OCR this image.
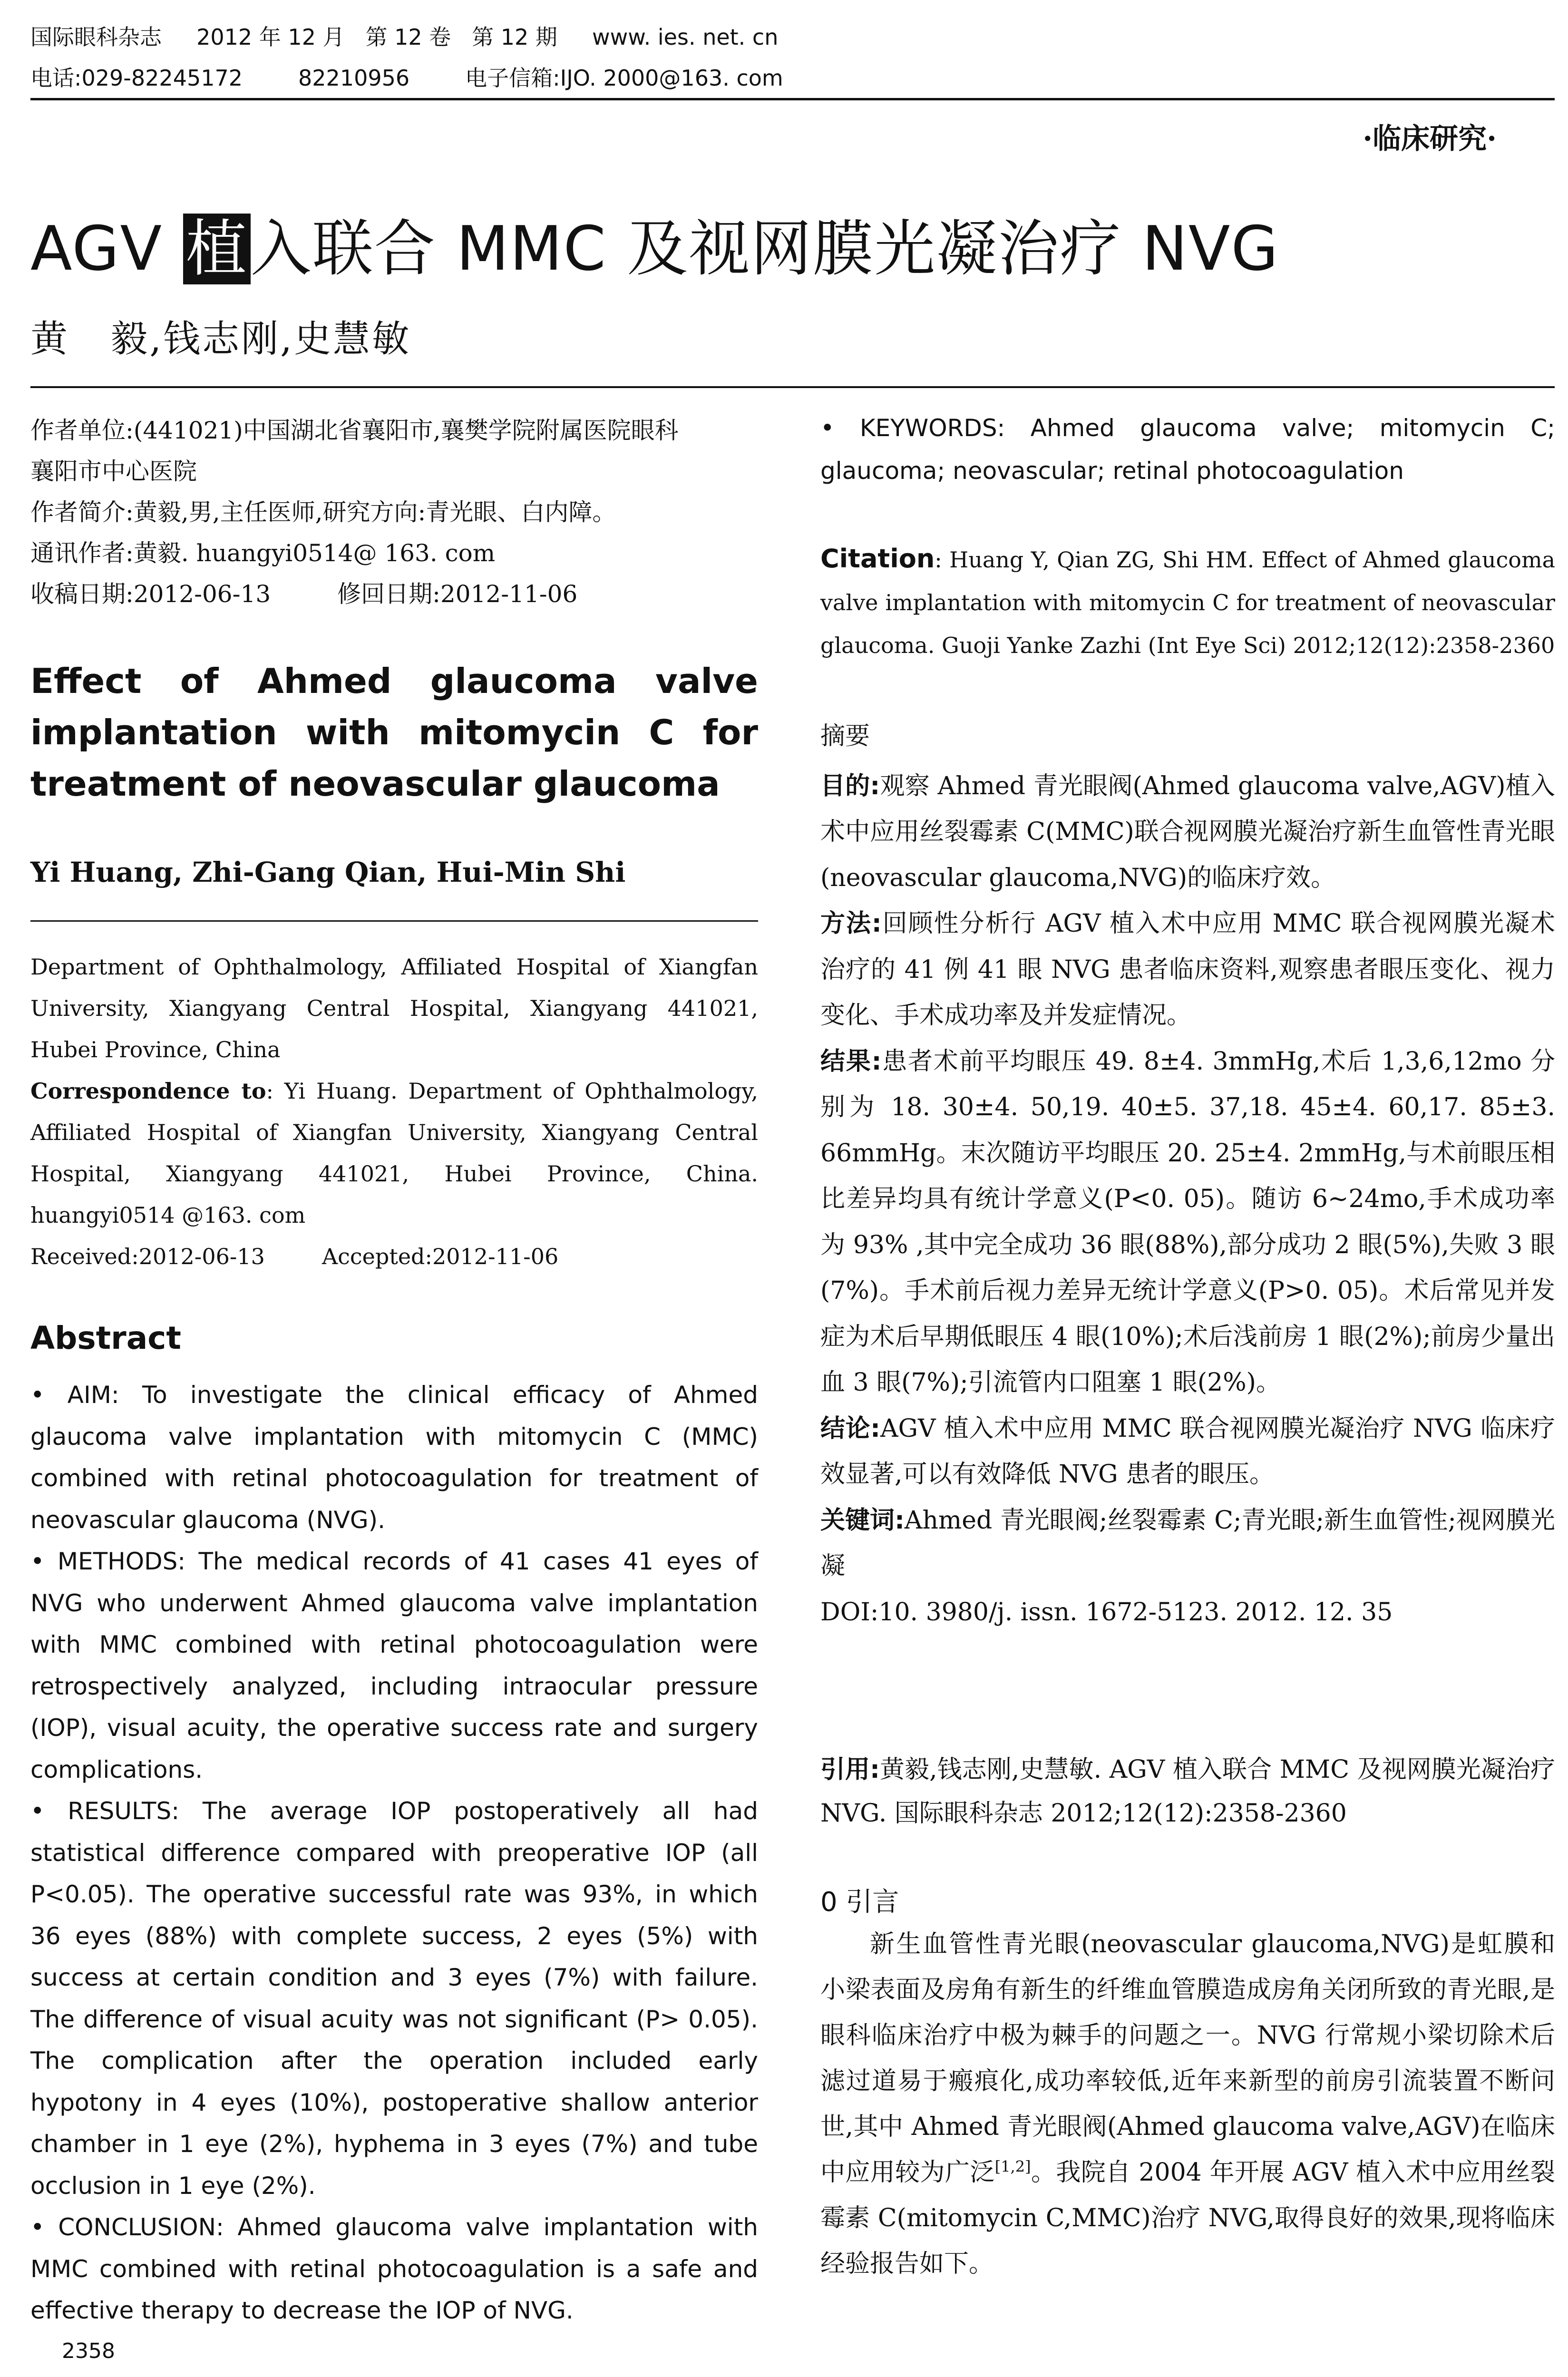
国际眼科杂志 2012 年 12 月   第 12 卷   第 12 期 www. ies. net. cn
电话:029-82245172	82210956	电子信箱:IJO. 2000@163. com
·临床研究·
AGV 植入联合 MMC 及视网膜光凝治疗 NVG
黄   毅,钱志刚,史慧敏
作者单位:(441021)中国湖北省襄阳市,襄樊学院附属医院眼科
襄阳市中心医院
作者简介:黄毅,男,主任医师,研究方向:青光眼、白内障。
通讯作者:黄毅. huangyi0514@ 163. com
收稿日期:2012-06-13	修回日期:2012-11-06
Effect of Ahmed glaucoma valve
implantation with mitomycin C for
treatment of neovascular glaucoma
Yi Huang, Zhi-Gang Qian, Hui-Min Shi
Department of Ophthalmology, Affiliated Hospital of Xiangfan University, Xiangyang Central Hospital, Xiangyang 441021, Hubei Province, China
Correspondence to: Yi Huang. Department of Ophthalmology, Affiliated Hospital of Xiangfan University, Xiangyang Central Hospital, Xiangyang 441021, Hubei Province, China. huangyi0514 @163. com
Received:2012-06-13	Accepted:2012-11-06
Abstract

• AIM: To investigate the clinical efficacy of Ahmed glaucoma valve implantation with mitomycin C (MMC) combined with retinal photocoagulation for treatment of neovascular glaucoma (NVG).

• METHODS: The medical records of 41 cases 41 eyes of NVG who underwent Ahmed glaucoma valve implantation with MMC combined with retinal photocoagulation were retrospectively analyzed, including intraocular pressure (IOP), visual acuity, the operative success rate and surgery complications.

• RESULTS: The average IOP postoperatively all had statistical difference compared with preoperative IOP (all P<0.05). The operative successful rate was 93%, in which 36 eyes (88%) with complete success, 2 eyes (5%) with success at certain condition and 3 eyes (7%) with failure. The difference of visual acuity was not significant (P> 0.05). The complication after the operation included early hypotony in 4 eyes (10%), postoperative shallow anterior chamber in 1 eye (2%), hyphema in 3 eyes (7%) and tube occlusion in 1 eye (2%).

• CONCLUSION: Ahmed glaucoma valve implantation with MMC combined with retinal photocoagulation is a safe and effective therapy to decrease the IOP of NVG.

• KEYWORDS: Ahmed glaucoma valve; mitomycin C; glaucoma; neovascular; retinal photocoagulation
Citation: Huang Y, Qian ZG, Shi HM. Effect of Ahmed glaucoma valve implantation with mitomycin C for treatment of neovascular glaucoma. Guoji Yanke Zazhi (Int Eye Sci) 2012;12(12):2358-2360

摘要

目的:观察 Ahmed 青光眼阀(Ahmed glaucoma valve,AGV)植入术中应用丝裂霉素 C(MMC)联合视网膜光凝治疗新生血管性青光眼(neovascular glaucoma,NVG)的临床疗效。

方法:回顾性分析行 AGV 植入术中应用 MMC 联合视网膜光凝术治疗的 41 例 41 眼 NVG 患者临床资料,观察患者眼压变化、视力变化、手术成功率及并发症情况。

结果:患者术前平均眼压 49. 8±4. 3mmHg,术后 1,3,6,12mo 分别为 18. 30±4. 50,19. 40±5. 37,18. 45±4. 60,17. 85±3. 66mmHg。末次随访平均眼压 20. 25±4. 2mmHg,与术前眼压相比差异均具有统计学意义(P<0. 05)。随访 6~24mo,手术成功率为 93% ,其中完全成功 36 眼(88%),部分成功 2 眼(5%),失败 3 眼(7%)。手术前后视力差异无统计学意义(P>0. 05)。术后常见并发症为术后早期低眼压 4 眼(10%);术后浅前房 1 眼(2%);前房少量出血 3 眼(7%);引流管内口阻塞 1 眼(2%)。

结论:AGV 植入术中应用 MMC 联合视网膜光凝治疗 NVG 临床疗效显著,可以有效降低 NVG 患者的眼压。

关键词:Ahmed 青光眼阀;丝裂霉素 C;青光眼;新生血管性;视网膜光凝

DOI:10. 3980/j. issn. 1672-5123. 2012. 12. 35

引用:黄毅,钱志刚,史慧敏. AGV 植入联合 MMC 及视网膜光凝治疗 NVG. 国际眼科杂志 2012;12(12):2358-2360
0 引言
新生血管性青光眼(neovascular glaucoma,NVG)是虹膜和小梁表面及房角有新生的纤维血管膜造成房角关闭所致的青光眼,是眼科临床治疗中极为棘手的问题之一。NVG 行常规小梁切除术后滤过道易于瘢痕化,成功率较低,近年来新型的前房引流装置不断问世,其中 Ahmed 青光眼阀(Ahmed glaucoma valve,AGV)在临床中应用较为广泛[1,2]。我院自 2004 年开展 AGV 植入术中应用丝裂霉素 C(mitomycin C,MMC)治疗 NVG,取得良好的效果,现将临床经验报告如下。
2358
